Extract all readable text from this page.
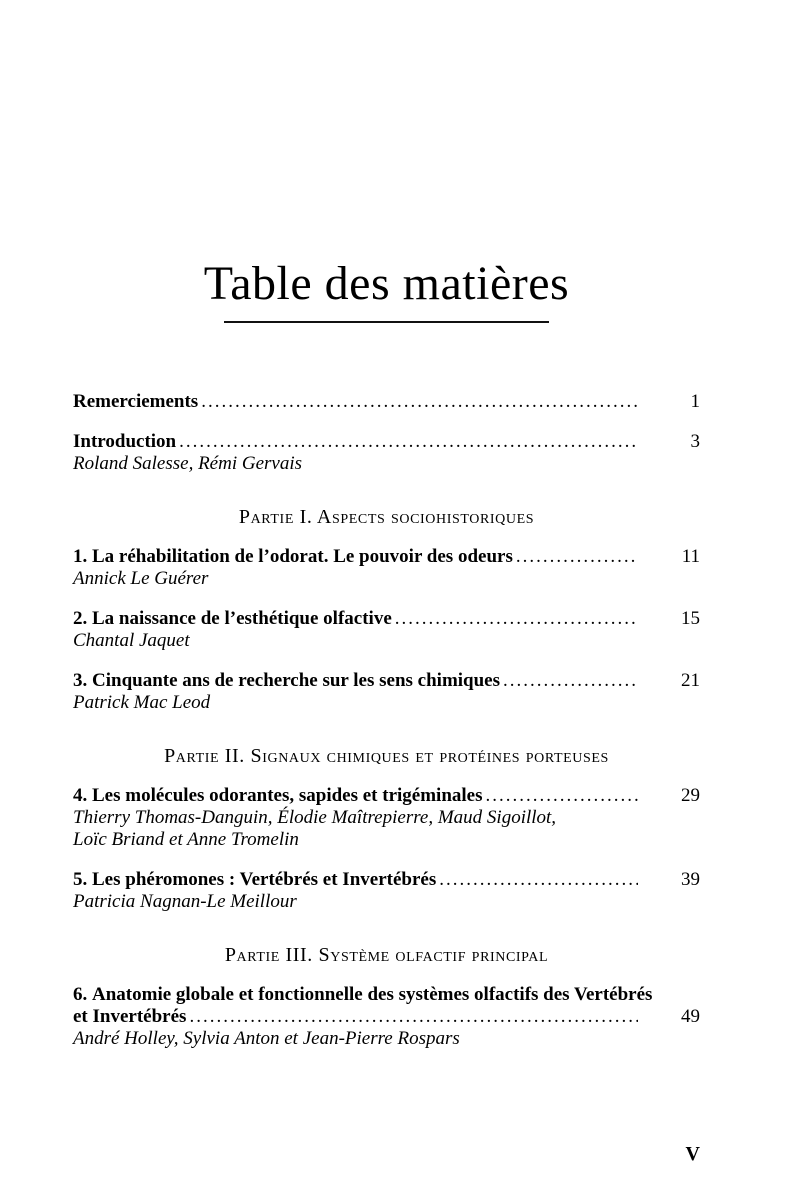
Table des matières
Remerciements .....	1
Introduction .....	3
Roland Salesse, Rémi Gervais
Partie I. Aspects sociohistoriques
1. La réhabilitation de l’odorat. Le pouvoir des odeurs .....	11
Annick Le Guérer
2. La naissance de l’esthétique olfactive .....	15
Chantal Jaquet
3. Cinquante ans de recherche sur les sens chimiques .....	21
Patrick Mac Leod
Partie II. Signaux chimiques et protéines porteuses
4. Les molécules odorantes, sapides et trigéminales .....	29
Thierry Thomas-Danguin, Élodie Maîtrepierre, Maud Sigoillot,
Loïc Briand et Anne Tromelin
5. Les phéromones : Vertébrés et Invertébrés .....	39
Patricia Nagnan-Le Meillour
Partie III. Système olfactif principal
6. Anatomie globale et fonctionnelle des systèmes olfactifs des Vertébrés
et Invertébrés .....	49
André Holley, Sylvia Anton et Jean-Pierre Rospars
V
